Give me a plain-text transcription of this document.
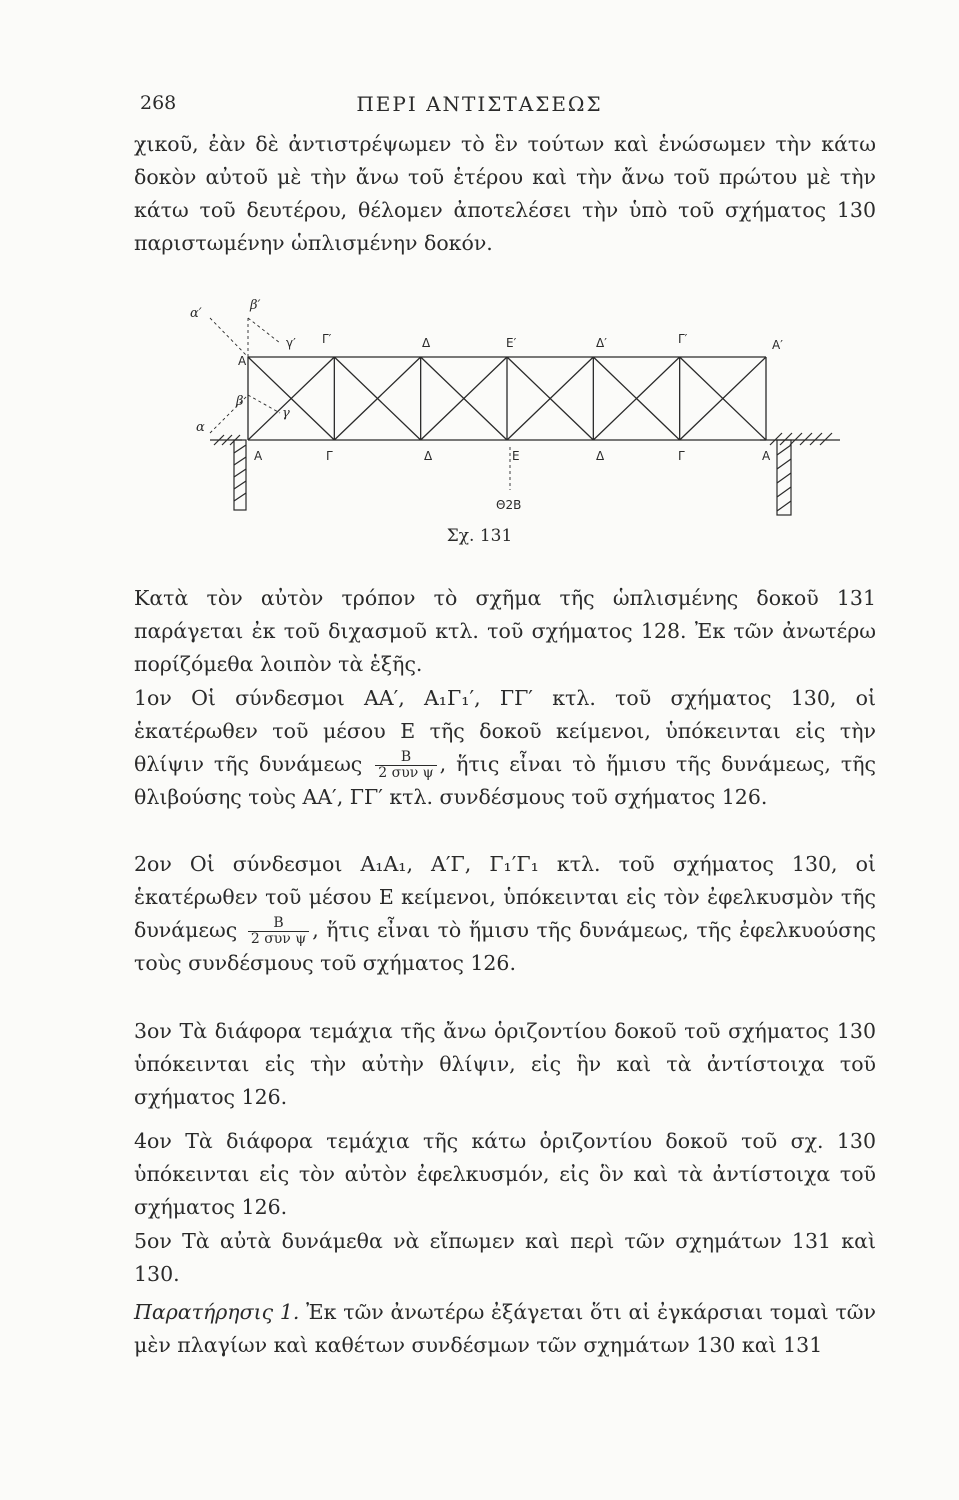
268	ΠΕΡΙ ΑΝΤΙΣΤΑΣΕΩΣ

χικοῦ, ἐὰν δὲ ἀντιστρέψωμεν τὸ ἓν τούτων καὶ ἑνώσωμεν τὴν κάτω δοκὸν αὐτοῦ μὲ τὴν ἄνω τοῦ ἑτέρου καὶ τὴν ἄνω τοῦ πρώτου μὲ τὴν κάτω τοῦ δευτέρου, θέλομεν ἀποτελέσει τὴν ὑπὸ τοῦ σχήματος 130 παριστωμένην ὡπλισμένην δοκόν.

α′
β′
γ′
Α
β
γ
α
Γ′	Δ	Ε′	Δ′	Γ′	Α′
Α	Γ	Δ	Ε	Δ	Γ	Α
Θ2Β
Σχ. 131

Κατὰ τὸν αὐτὸν τρόπον τὸ σχῆμα τῆς ὡπλισμένης δοκοῦ 131 παράγεται ἐκ τοῦ διχασμοῦ κτλ. τοῦ σχήματος 128. Ἐκ τῶν ἀνωτέρω πορίζόμεθα λοιπὸν τὰ ἑξῆς.

1ον Οἱ σύνδεσμοι ΑΑ′, Α₁Γ₁′, ΓΓ′ κτλ. τοῦ σχήματος 130, οἱ ἑκατέρωθεν τοῦ μέσου Ε τῆς δοκοῦ κείμενοι, ὑπόκεινται εἰς τὴν θλίψιν τῆς δυνάμεως $\frac{B}{\text{2 συν ψ}}$ , ἥτις εἶναι τὸ ἥμισυ τῆς δυνάμεως, τῆς θλιβούσης τοὺς ΑΑ′, ΓΓ′ κτλ. συνδέσμους τοῦ σχήματος 126.

2ον Οἱ σύνδεσμοι Α₁Α₁, Α′Γ, Γ₁′Γ₁ κτλ. τοῦ σχήματος 130, οἱ ἑκατέρωθεν τοῦ μέσου Ε κείμενοι, ὑπόκεινται εἰς τὸν ἐφελκυσμὸν τῆς δυνάμεως $\frac{B}{\text{2 συν ψ}}$ , ἥτις εἶναι τὸ ἥμισυ τῆς δυνάμεως, τῆς ἐφελκυούσης τοὺς συνδέσμους τοῦ σχήματος 126.

3ον Τὰ διάφορα τεμάχια τῆς ἄνω ὁριζοντίου δοκοῦ τοῦ σχήματος 130 ὑπόκεινται εἰς τὴν αὐτὴν θλίψιν, εἰς ἣν καὶ τὰ ἀντίστοιχα τοῦ σχήματος 126.

4ον Τὰ διάφορα τεμάχια τῆς κάτω ὁριζοντίου δοκοῦ τοῦ σχ. 130 ὑπόκεινται εἰς τὸν αὐτὸν ἐφελκυσμόν, εἰς ὃν καὶ τὰ ἀντίστοιχα τοῦ σχήματος 126.

5ον Τὰ αὐτὰ δυνάμεθα νὰ εἴπωμεν καὶ περὶ τῶν σχημάτων 131 καὶ 130.

Παρατήρησις 1. Ἐκ τῶν ἀνωτέρω ἐξάγεται ὅτι αἱ ἐγκάρσιαι τομαὶ τῶν μὲν πλαγίων καὶ καθέτων συνδέσμων τῶν σχημάτων 130 καὶ 131
